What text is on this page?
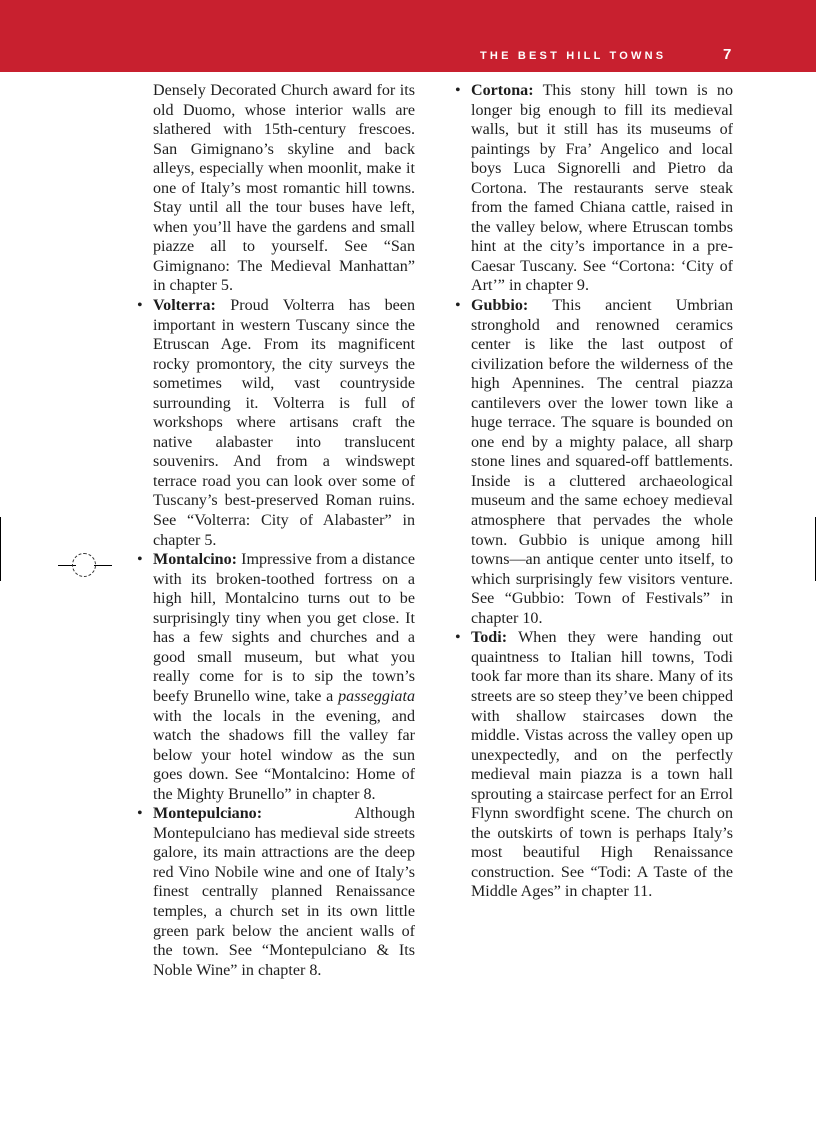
THE BEST HILL TOWNS	7

Densely Decorated Church award for its old Duomo, whose interior walls are slathered with 15th-century frescoes. San Gimignano’s skyline and back alleys, especially when moonlit, make it one of Italy’s most romantic hill towns. Stay until all the tour buses have left, when you’ll have the gardens and small piazze all to yourself. See “San Gimignano: The Medieval Manhattan” in chapter 5.

• Volterra: Proud Volterra has been important in western Tuscany since the Etruscan Age. From its magnificent rocky promontory, the city surveys the sometimes wild, vast countryside surrounding it. Volterra is full of workshops where artisans craft the native alabaster into translucent souvenirs. And from a windswept terrace road you can look over some of Tuscany’s best-preserved Roman ruins. See “Volterra: City of Alabaster” in chapter 5.

• Montalcino: Impressive from a distance with its broken-toothed fortress on a high hill, Montalcino turns out to be surprisingly tiny when you get close. It has a few sights and churches and a good small museum, but what you really come for is to sip the town’s beefy Brunello wine, take a passeggiata with the locals in the evening, and watch the shadows fill the valley far below your hotel window as the sun goes down. See “Montalcino: Home of the Mighty Brunello” in chapter 8.

• Montepulciano:	Although Montepulciano has medieval side streets galore, its main attractions are the deep red Vino Nobile wine and one of Italy’s finest centrally planned Renaissance temples, a church set in its own little green park below the ancient walls of the town. See “Montepulciano & Its Noble Wine” in chapter 8.

• Cortona: This stony hill town is no longer big enough to fill its medieval walls, but it still has its museums of paintings by Fra’ Angelico and local boys Luca Signorelli and Pietro da Cortona. The restaurants serve steak from the famed Chiana cattle, raised in the valley below, where Etruscan tombs hint at the city’s importance in a pre-Caesar Tuscany. See “Cortona: ‘City of Art’” in chapter 9.

• Gubbio: This ancient Umbrian stronghold and renowned ceramics center is like the last outpost of civilization before the wilderness of the high Apennines. The central piazza cantilevers over the lower town like a huge terrace. The square is bounded on one end by a mighty palace, all sharp stone lines and squared-off battlements. Inside is a cluttered archaeological museum and the same echoey medieval atmosphere that pervades the whole town. Gubbio is unique among hill towns—an antique center unto itself, to which surprisingly few visitors venture. See “Gubbio: Town of Festivals” in chapter 10.

• Todi: When they were handing out quaintness to Italian hill towns, Todi took far more than its share. Many of its streets are so steep they’ve been chipped with shallow staircases down the middle. Vistas across the valley open up unexpectedly, and on the perfectly medieval main piazza is a town hall sprouting a staircase perfect for an Errol Flynn swordfight scene. The church on the outskirts of town is perhaps Italy’s most beautiful High Renaissance construction. See “Todi: A Taste of the Middle Ages” in chapter 11.
